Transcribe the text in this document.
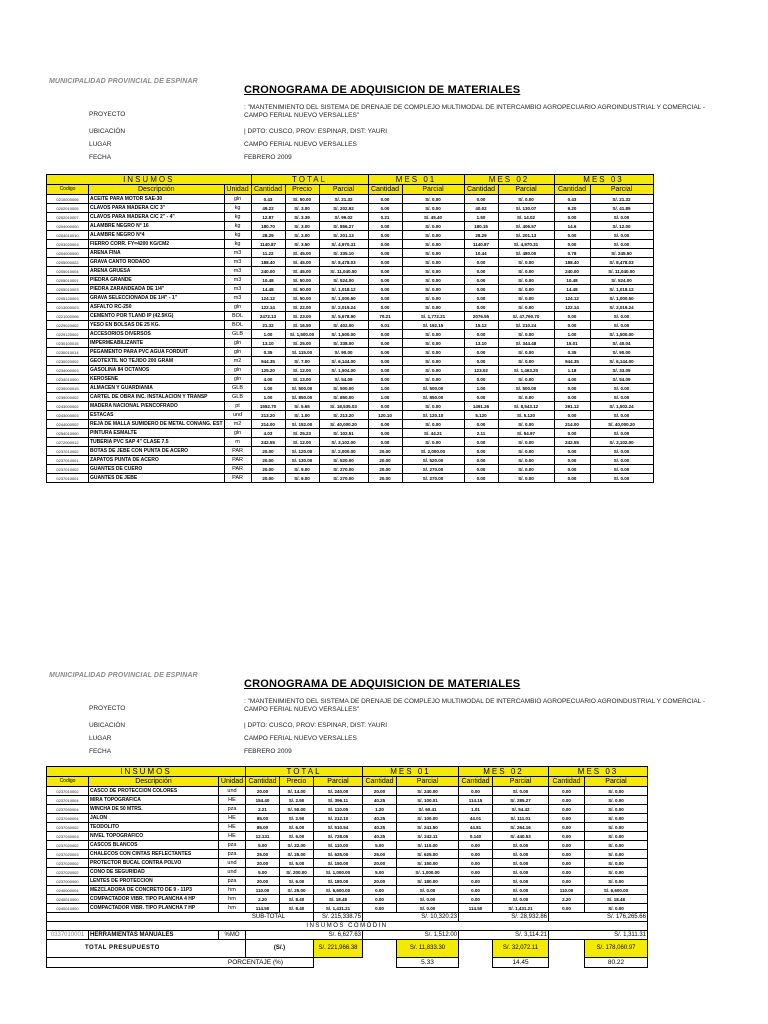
MUNICIPALIDAD PROVINCIAL DE ESPINAR
CRONOGRAMA DE ADQUISICION DE MATERIALES
PROYECTO
: "MANTENIMIENTO DEL SISTEMA DE DRENAJE DE COMPLEJO MULTIMODAL DE INTERCAMBIO AGROPECUARIO AGROINDUSTRIAL Y COMERCIAL - CAMPO FERIAL NUEVO VERSALLES"
UBICACIÓN	| DPTO: CUSCO, PROV: ESPINAR, DIST: YAURI
LUGAR	CAMPO FERIAL NUEVO VERSALLES
FECHA	FEBRERO 2009
INSUMOS			TOTAL			MES 01		MES 02		MES 03	
Codigo	Descripción	Unidad	Cantidad	Precio	Parcial	Cantidad	Parcial	Cantidad	Parcial	Cantidad	Parcial
0210000006	ACEITE PARA MOTOR SAE-30	gln	0.43	S/. 50.00	S/. 21.32	0.00	S/. 0.00	0.00	S/. 0.00	0.43	S/. 21.32
0202010005	CLAVOS PARA MADERA C/C 3"	kg	49.22	S/. 3.00	S/. 202.92	0.00	S/. 0.00	40.02	S/. 130.07	9.20	S/. 41.89
0202010007	CLAVOS PARA MADERA C/C 2" - 4"	kg	12.87	S/. 3.39	S/. 99.02	0.21	S/. 45.40	1.50	S/. 14.02	0.00	S/. 0.00
0204000000	ALAMBRE NEGRO N° 16	kg	180.70	S/. 3.00	S/. 856.27	0.00	S/. 0.00	180.15	S/. 406.57	14.6	S/. 12.00
0204010010	ALAMBRE NEGRO N°4	kg	28.29	S/. 3.00	S/. 201.13	0.00	S/. 0.00	28.29	S/. 201.13	0.00	S/. 0.00
0203020003	FIERRO CORR. FY=4200 KG/CM2	kg	1140.87	S/. 3.50	S/. 4,970.31	0.00	S/. 0.00	1140.87	S/. 4,970.31	0.00	S/. 0.00
0204000000	ARENA FINA	m3	11.22	S/. 45.00	S/. 335.10	0.00	S/. 0.00	10.44	S/. 480.00	0.78	S/. 245.50
0205000022	GRAVA CANTO RODADO	m3	188.40	S/. 45.00	S/. 8,478.03	0.00	S/. 0.00	0.00	S/. 0.00	188.40	S/. 8,478.03
0205010004	ARENA GRUESA	m3	240.00	S/. 45.00	S/. 11,040.00	0.00	S/. 0.00	0.00	S/. 0.00	240.00	S/. 11,040.00
0205010001	PIEDRA GRANDE	m3	10.48	S/. 50.00	S/. 524.00	0.00	S/. 0.00	0.00	S/. 0.00	10.48	S/. 524.00
0205010003	PIEDRA ZARANDEADA DE 1/4"	m3	14.48	S/. 50.00	S/. 1,018.12	0.00	S/. 0.00	0.00	S/. 0.00	14.48	S/. 1,018.12
0205120003	GRAVA SELECCIONADA DE 1/4" - 1"	m3	124.12	S/. 50.00	S/. 1,000.50	0.00	S/. 0.00	0.00	S/. 0.00	124.12	S/. 1,000.50
0213000003	ASFALTO RC-250	gln	122.14	S/. 22.00	S/. 2,019.24	0.00	S/. 0.00	0.00	S/. 0.00	122.14	S/. 2,019.24
0221000006	CEMENTO POR TLAND IP (42.5KG)	BOL	2472.13	S/. 23.00	S/. 5,678.90	70.21	S/. 1,772.21	2076.55	S/. 47,760.70	0.00	S/. 0.00
0229020002	YESO EN BOLSAS DE 25 KG.	BOL	21.32	S/. 16.50	S/. 402.00	0.01	S/. 192.15	15.12	S/. 210.24	0.00	S/. 0.00
0229120002	ACCESORIOS DIVERSOS	GLB	1.00	S/. 1,500.00	S/. 1,500.00	0.00	S/. 0.00	0.00	S/. 0.00	1.00	S/. 1,500.00
0230100015	IMPERMEABILIZANTE	gln	13.10	S/. 25.00	S/. 338.00	0.00	S/. 0.00	13.10	S/. 344.48	15.01	S/. 40.04
0230010014	PEGAMENTO PARA PVC AGUA FORDUIT	gln	0.35	S/. 115.00	S/. 90.00	0.00	S/. 0.00	0.00	S/. 0.00	0.35	S/. 90.00
0230020002	GEOTEXTIL NO TEJIDO 200 GRAM	m2	944.35	S/. 7.00	S/. 6,144.00	0.00	S/. 0.00	0.00	S/. 0.00	944.35	S/. 6,144.00
0234000003	GASOLINA 84 OCTANOS	gln	125.20	S/. 12.00	S/. 1,504.00	0.00	S/. 0.00	123.02	S/. 1,463.20	1.18	S/. 33.09
0234010000	KEROSENE	gln	4.00	S/. 13.00	S/. 54.09	0.00	S/. 0.00	0.00	S/. 0.00	4.00	S/. 54.09
0239000015	ALMACEN Y GUARDIANIA	GLB	1.00	S/. 500.00	S/. 500.00	1.00	S/. 500.00	1.00	S/. 500.00	0.00	S/. 0.00
0239000002	CARTEL DE OBRA INC. INSTALACION Y TRANSP	GLB	1.00	S/. 850.00	S/. 850.00	1.00	S/. 850.00	0.00	S/. 0.00	0.00	S/. 0.00
0243000002	MADERA NACIONAL P/ENCOFRADO	pt	1552.70	S/. 5.65	S/. 18,535.03	0.00	S/. 0.00	1491.26	S/. 8,543.12	291.12	S/. 1,502.24
0243000003	ESTACAS	und	213.20	S/. 1.00	S/. 213.20	120.10	S/. 120.10	5.120	S/. 5.120	0.00	S/. 0.00
0244000002	REJA DE MALLA SUMIDERO DE METAL CON\ANG. EST	m2	214.00	S/. 152.00	S/. 40,000.20	0.00	S/. 0.00	0.00	S/. 0.00	214.00	S/. 40,000.20
0254010000	PINTURA ESMALTE	gln	4.03	S/. 25.23	S/. 102.51	0.00	S/. 44.21	2.11	S/. 54.97	0.00	S/. 0.00
0272000012	TUBERIA PVC SAP 4" CLASE 7.5	m	242.55	S/. 12.00	S/. 3,102.00	0.00	S/. 0.00	0.00	S/. 0.00	242.55	S/. 3,102.00
0237010002	BOTAS DE JEBE CON PUNTA DE ACERO	PAR	20.00	S/. 120.00	S/. 2,000.00	20.00	S/. 2,000.00	0.00	S/. 0.00	0.00	S/. 0.00
0237010001	ZAPATOS PUNTA DE ACERO	PAR	20.00	S/. 130.00	S/. 520.00	20.00	S/. 520.00	0.00	S/. 0.00	0.00	S/. 0.00
0237010002	GUANTES DE CUERO	PAR	20.00	S/. 9.00	S/. 270.00	20.00	S/. 270.00	0.00	S/. 0.00	0.00	S/. 0.00
0237010001	GUANTES DE JEBE	PAR	20.00	S/. 9.00	S/. 270.00	20.00	S/. 270.00	0.00	S/. 0.00	0.00	S/. 0.00
MUNICIPALIDAD PROVINCIAL DE ESPINAR
CRONOGRAMA DE ADQUISICION DE MATERIALES
PROYECTO
: "MANTENIMIENTO DEL SISTEMA DE DRENAJE DE COMPLEJO MULTIMODAL DE INTERCAMBIO AGROPECUARIO AGROINDUSTRIAL Y COMERCIAL - CAMPO FERIAL NUEVO VERSALLES"
UBICACIÓN	| DPTO: CUSCO, PROV: ESPINAR, DIST: YAURI
LUGAR	CAMPO FERIAL NUEVO VERSALLES
FECHA	FEBRERO 2009
INSUMOS			TOTAL			MES 01		MES 02		MES 03	
Codigo	Descripción	Unidad	Cantidad	Precio	Parcial	Cantidad	Parcial	Cantidad	Parcial	Cantidad	Parcial
0237010002	CASCO DE PROTECCION COLORES	und	20.00	S/. 14.00	S/. 240.00	20.00	S/. 240.00	0.00	S/. 0.00	0.00	S/. 0.00
0237010004	MIRA TOPOGRAFICA	HE	154.40	S/. 2.50	S/. 396.11	40.25	S/. 100.01	114.15	S/. 285.27	0.00	S/. 0.00
0237040004	WINCHA DE 50 MTRS.	pza	2.21	S/. 50.00	S/. 110.05	1.20	S/. 60.41	1.01	S/. 54.42	0.00	S/. 0.00
0237040004	JALON	HE	85.00	S/. 2.50	S/. 212.10	40.25	S/. 100.00	44.01	S/. 111.01	0.00	S/. 0.00
0237040002	TEODOLITO	HE	85.00	S/. 6.00	S/. 510.54	40.25	S/. 241.50	44.81	S/. 264.16	0.00	S/. 0.00
0237040003	NIVEL TOPOGRAFICO	HE	12.131	S/. 6.00	S/. 728.05	40.25	S/. 242.11	0.140	S/. 440.53	0.00	S/. 0.00
0237020002	CASCOS BLANCOS	pza	5.00	S/. 22.00	S/. 110.00	5.00	S/. 110.00	0.00	S/. 0.00	0.00	S/. 0.00
0237020003	CHALECOS CON CINTAS REFLECTANTES	pza	25.00	S/. 25.00	S/. 625.00	25.00	S/. 625.00	0.00	S/. 0.00	0.00	S/. 0.00
0237020002	PROTECTOR BUCAL CONTRA POLVO	und	20.00	S/. 5.00	S/. 150.00	20.00	S/. 150.00	0.00	S/. 0.00	0.00	S/. 0.00
0237020002	CONO DE SEGURIDAD	und	5.00	S/. 200.00	S/. 1,000.00	5.00	S/. 1,000.00	0.00	S/. 0.00	0.00	S/. 0.00
0237000000	LENTES DE PROTECCION	pza	20.00	S/. 6.00	S/. 180.00	20.00	S/. 180.00	0.00	S/. 0.00	0.00	S/. 0.00
0240000004	MEZCLADORA DE CONCRETO DE 9 - 11P3	hm	110.00	S/. 25.00	S/. 6,600.00	0.00	S/. 0.00	0.00	S/. 0.00	110.00	S/. 6,600.00
0240010000	COMPACTADOR VIBR. TIPO PLANCHA 4 HP	hm	2.20	S/. 8.40	S/. 18.48	0.00	S/. 0.00	0.00	S/. 0.00	2.20	S/. 18.48
0240010000	COMPACTADOR VIBR. TIPO PLANCHA 7 HP	hm	114.50	S/. 8.40	S/. 1,431.21	0.00	S/. 0.00	114.50	S/. 1,431.21	0.00	S/. 0.00
SUB-TOTAL					S/. 215,338.75	S/. 10,320.23		S/. 28,932.86		S/. 176,265.66	
INSUMOS COMODIN											
0337010001	HERRAMIENTAS MANUALES	%MO	S/. 6,627.63			S/. 1,512.00		S/. 3,114.21		S/. 1,311.31	
TOTAL PRESUPUESTO			(S/.)		S/. 221,966.38		S/. 11,833.30		S/. 32,072.11		S/. 178,060.97
PORCENTAJE (%)							5.33		14.45		80.22
